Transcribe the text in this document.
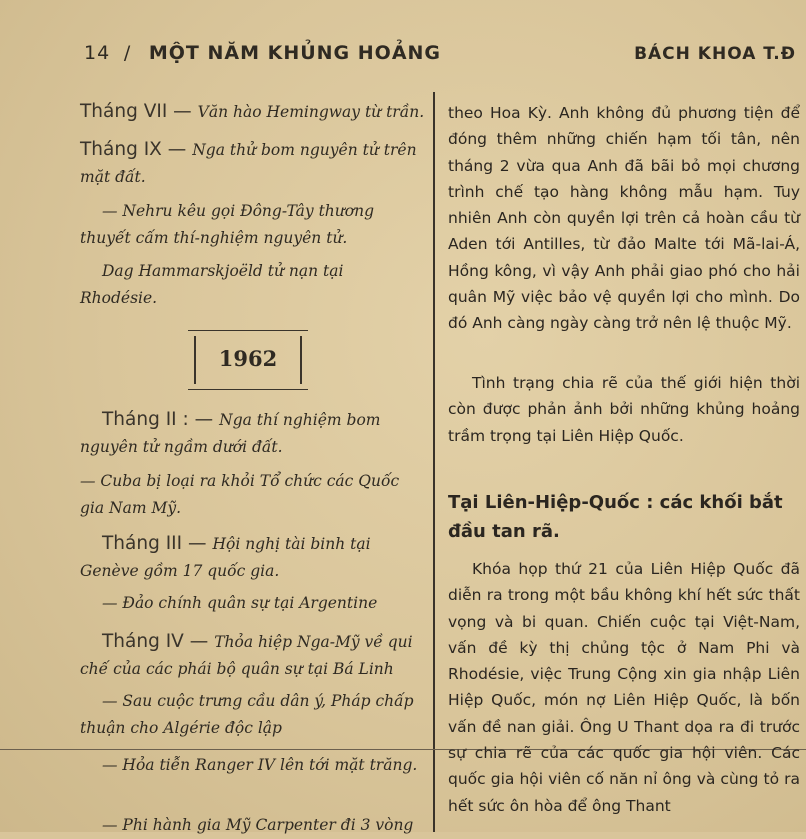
14 / MỘT NĂM KHỦNG HOẢNG	BÁCH KHOA T.Đ
Tháng VII — Văn hào Hemingway từ trần.
Tháng IX — Nga thử bom nguyên tử trên mặt đất.
— Nehru kêu gọi Đông-Tây thương thuyết cấm thí-nghiệm nguyên tử.
Dag Hammarskjoëld tử nạn tại Rhodésie.
1962
Tháng II : — Nga thí nghiệm bom nguyên tử ngầm dưới đất.
— Cuba bị loại ra khỏi Tổ chức các Quốc gia Nam Mỹ.
Tháng III — Hội nghị tài binh tại Genève gồm 17 quốc gia.
— Đảo chính quân sự tại Argentine
Tháng IV — Thỏa hiệp Nga-Mỹ về qui chế của các phái bộ quân sự tại Bá Linh
— Sau cuộc trưng cầu dân ý, Pháp chấp thuận cho Algérie độc lập
— Hỏa tiễn Ranger IV lên tới mặt trăng.
— Phi hành gia Mỹ Carpenter đi 3 vòng
theo Hoa Kỳ. Anh không đủ phương tiện để đóng thêm những chiến hạm tối tân, nên tháng 2 vừa qua Anh đã bãi bỏ mọi chương trình chế tạo hàng không mẫu hạm. Tuy nhiên Anh còn quyền lợi trên cả hoàn cầu từ Aden tới Antilles, từ đảo Malte tới Mã-lai-Á, Hồng kông, vì vậy Anh phải giao phó cho hải quân Mỹ việc bảo vệ quyền lợi cho mình. Do đó Anh càng ngày càng trở nên lệ thuộc Mỹ.
Tình trạng chia rẽ của thế giới hiện thời còn được phản ảnh bởi những khủng hoảng trầm trọng tại Liên Hiệp Quốc.
Tại Liên-Hiệp-Quốc : các khối bắt đầu tan rã.
Khóa họp thứ 21 của Liên Hiệp Quốc đã diễn ra trong một bầu không khí hết sức thất vọng và bi quan. Chiến cuộc tại Việt-Nam, vấn đề kỳ thị chủng tộc ở Nam Phi và Rhodésie, việc Trung Cộng xin gia nhập Liên Hiệp Quốc, món nợ Liên Hiệp Quốc, là bốn vấn đề nan giải. Ông U Thant dọa ra đi trước sự chia rẽ của các quốc gia hội viên. Các quốc gia hội viên cố năn nỉ ông và cùng tỏ ra hết sức ôn hòa để ông Thant
